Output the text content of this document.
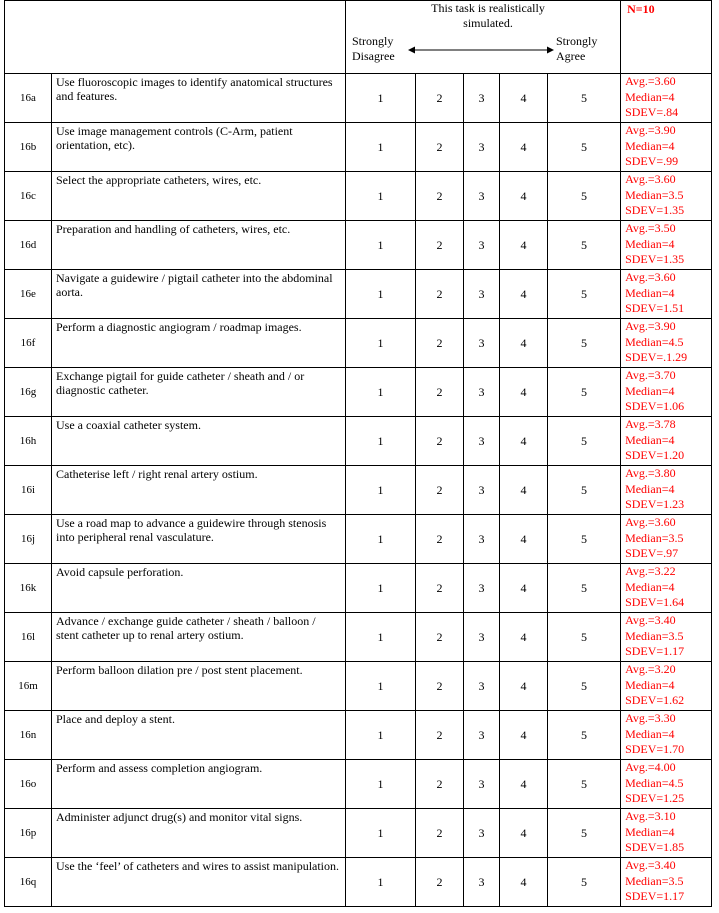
		This task is realistically simulated.
Strongly Disagree
Strongly Agree					N=10
16a	Use fluoroscopic images to identify anatomical structures and features.	1	2	3	4	5	Avg.=3.60
Median=4
SDEV=.84

16b	Use image management controls (C-Arm, patient orientation, etc).	1	2	3	4	5	Avg.=3.90
Median=4
SDEV=.99

16c	Select the appropriate catheters, wires, etc.	1	2	3	4	5	Avg.=3.60
Median=3.5
SDEV=1.35

16d	Preparation and handling of catheters, wires, etc.	1	2	3	4	5	Avg.=3.50
Median=4
SDEV=1.35

16e	Navigate a guidewire / pigtail catheter into the abdominal aorta.	1	2	3	4	5	Avg.=3.60
Median=4
SDEV=1.51

16f	Perform a diagnostic angiogram / roadmap images.	1	2	3	4	5	Avg.=3.90
Median=4.5
SDEV=.1.29

16g	Exchange pigtail for guide catheter / sheath and / or diagnostic catheter.	1	2	3	4	5	Avg.=3.70
Median=4
SDEV=1.06

16h	Use a coaxial catheter system.	1	2	3	4	5	Avg.=3.78
Median=4
SDEV=1.20

16i	Catheterise left / right renal artery ostium.	1	2	3	4	5	Avg.=3.80
Median=4
SDEV=1.23

16j	Use a road map to advance a guidewire through stenosis into peripheral renal vasculature.	1	2	3	4	5	Avg.=3.60
Median=3.5
SDEV=.97

16k	Avoid capsule perforation.	1	2	3	4	5	Avg.=3.22
Median=4
SDEV=1.64

16l	Advance / exchange guide catheter / sheath / balloon / stent catheter up to renal artery ostium.	1	2	3	4	5	Avg.=3.40
Median=3.5
SDEV=1.17

16m	Perform balloon dilation pre / post stent placement.	1	2	3	4	5	Avg.=3.20
Median=4
SDEV=1.62

16n	Place and deploy a stent.	1	2	3	4	5	Avg.=3.30
Median=4
SDEV=1.70

16o	Perform and assess completion angiogram.	1	2	3	4	5	Avg.=4.00
Median=4.5
SDEV=1.25

16p	Administer adjunct drug(s) and monitor vital signs.	1	2	3	4	5	Avg.=3.10
Median=4
SDEV=1.85

16q	Use the ‘feel’ of catheters and wires to assist manipulation.	1	2	3	4	5	Avg.=3.40
Median=3.5
SDEV=1.17
